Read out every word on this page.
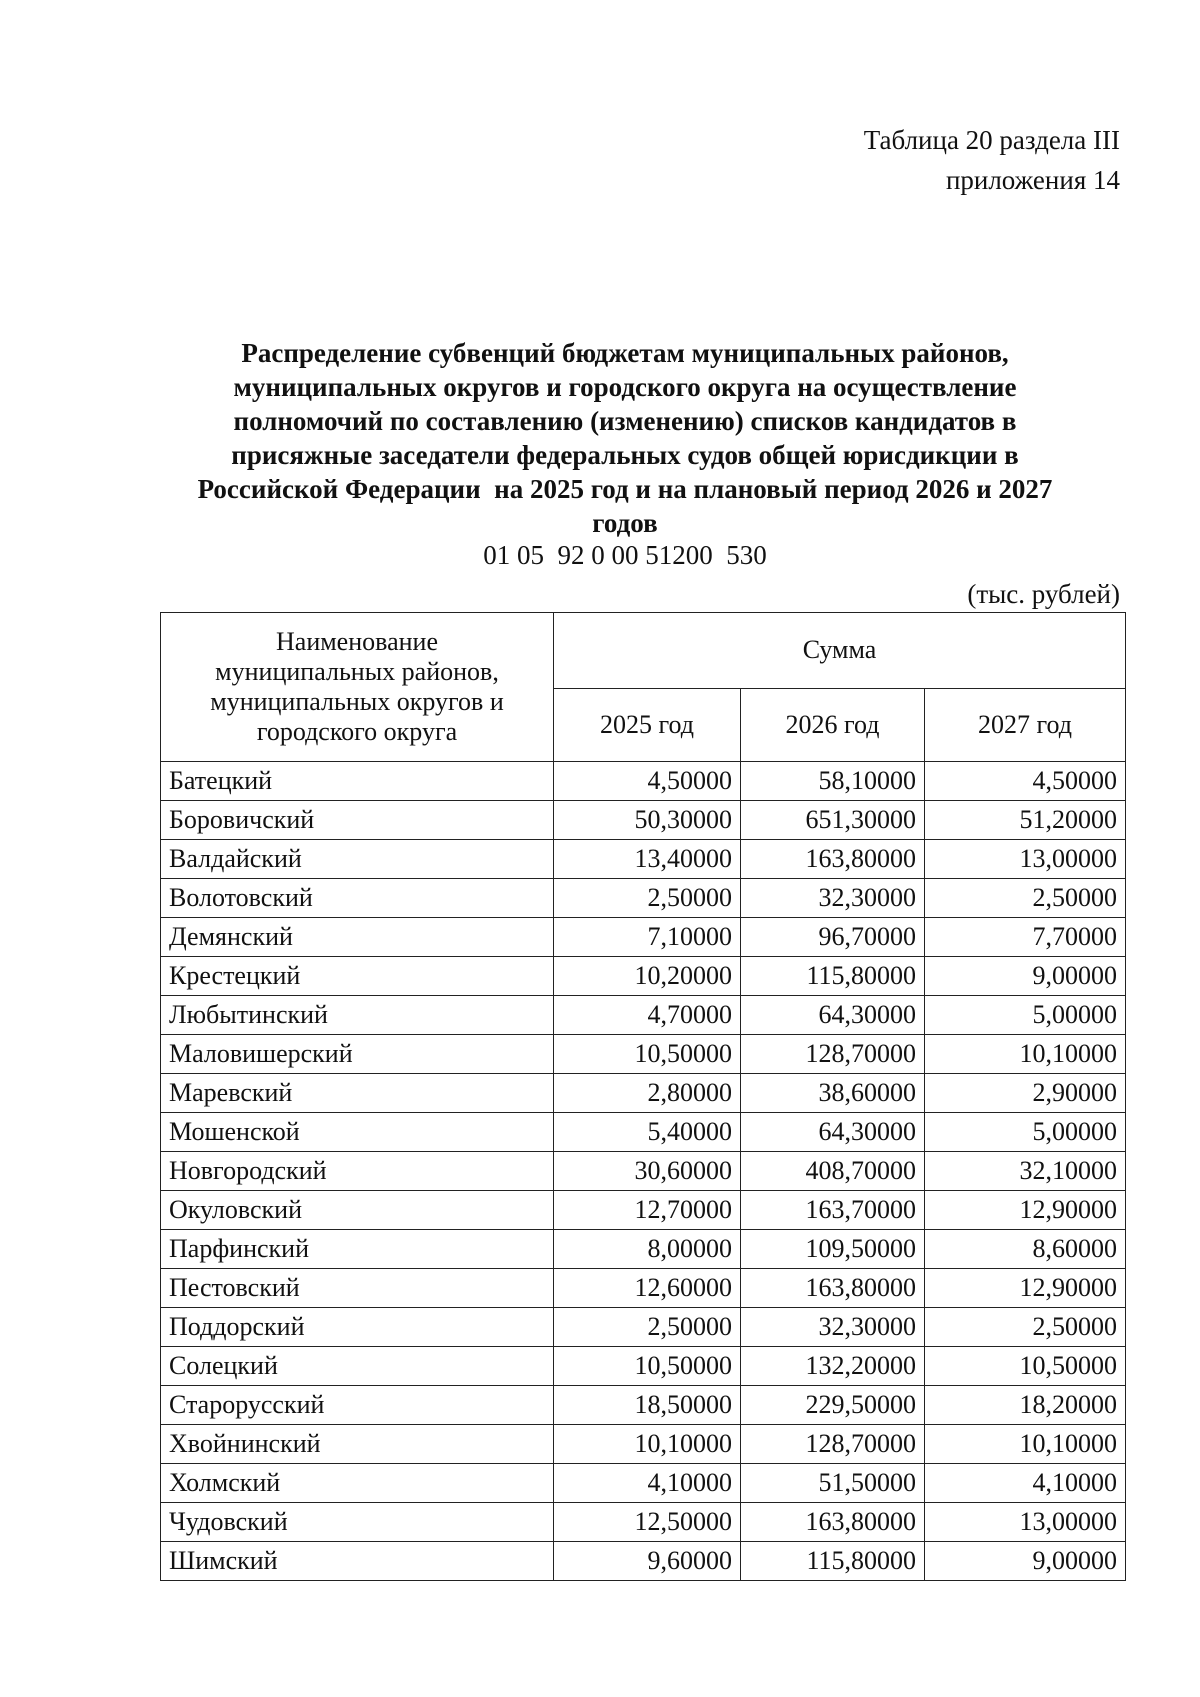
Таблица 20 раздела III
приложения 14
Распределение субвенций бюджетам муниципальных районов,
муниципальных округов и городского округа на осуществление
полномочий по составлению (изменению) списков кандидатов в
присяжные заседатели федеральных судов общей юрисдикции в
Российской Федерации  на 2025 год и на плановый период 2026 и 2027
годов
01 05  92 0 00 51200  530
(тыс. рублей)
Наименование
муниципальных районов,
муниципальных округов и
городского округа	Сумма		
	2025 год	2026 год	2027 год
Батецкий	4,50000	58,10000	4,50000
Боровичский	50,30000	651,30000	51,20000
Валдайский	13,40000	163,80000	13,00000
Волотовский	2,50000	32,30000	2,50000
Демянский	7,10000	96,70000	7,70000
Крестецкий	10,20000	115,80000	9,00000
Любытинский	4,70000	64,30000	5,00000
Маловишерский	10,50000	128,70000	10,10000
Маревский	2,80000	38,60000	2,90000
Мошенской	5,40000	64,30000	5,00000
Новгородский	30,60000	408,70000	32,10000
Окуловский	12,70000	163,70000	12,90000
Парфинский	8,00000	109,50000	8,60000
Пестовский	12,60000	163,80000	12,90000
Поддорский	2,50000	32,30000	2,50000
Солецкий	10,50000	132,20000	10,50000
Старорусский	18,50000	229,50000	18,20000
Хвойнинский	10,10000	128,70000	10,10000
Холмский	4,10000	51,50000	4,10000
Чудовский	12,50000	163,80000	13,00000
Шимский	9,60000	115,80000	9,00000
